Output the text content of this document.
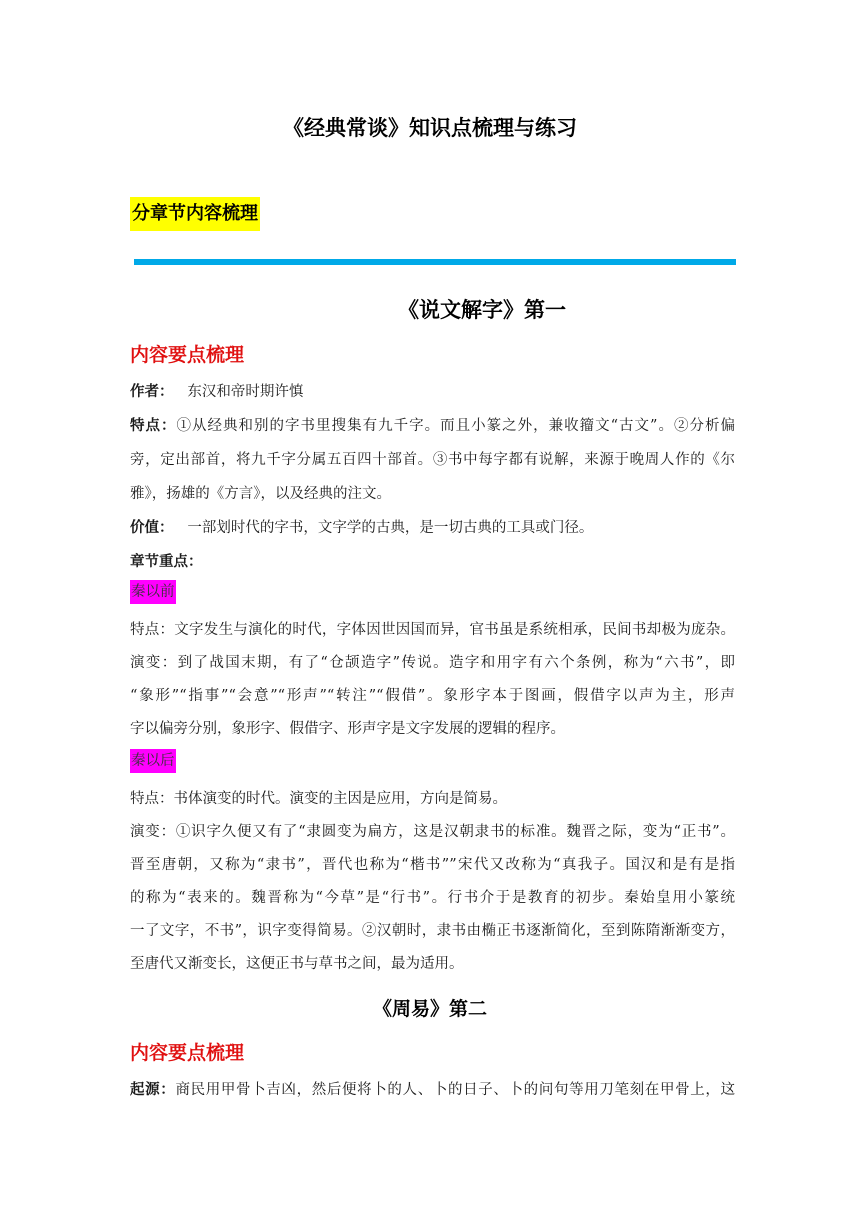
《经典常谈》知识点梳理与练习
分章节内容梳理
《说文解字》第一
内容要点梳理
作者： 东汉和帝时期许慎
特点：①从经典和别的字书里搜集有九千字。而且小篆之外，兼收籀文“古文”。②分析偏
旁，定出部首，将九千字分属五百四十部首。③书中每字都有说解，来源于晚周人作的《尔
雅》，扬雄的《方言》，以及经典的注文。
价值： 一部划时代的字书，文字学的古典，是一切古典的工具或门径。
章节重点：
秦以前
特点：文字发生与演化的时代，字体因世因国而异，官书虽是系统相承，民间书却极为庞杂。
演变：到了战国末期，有了“仓颉造字”传说。造字和用字有六个条例，称为“六书”，即
“象形”“指事”“会意”“形声”“转注”“假借”。象形字本于图画，假借字以声为主，形声
字以偏旁分别，象形字、假借字、形声字是文字发展的逻辑的程序。
秦以后
特点：书体演变的时代。演变的主因是应用，方向是简易。
演变：①识字久便又有了“隶圆变为扁方，这是汉朝隶书的标准。魏晋之际，变为“正书”。
晋至唐朝，又称为“隶书”，晋代也称为“楷书””宋代又改称为“真我子。国汉和是有是指
的称为“表来的。魏晋称为“今草”是“行书”。行书介于是教育的初步。秦始皇用小篆统
一了文字，不书”，识字变得简易。②汉朝时，隶书由椭正书逐渐简化，至到陈隋渐渐变方，
至唐代又渐变长，这便正书与草书之间，最为适用。
《周易》第二
内容要点梳理
起源：商民用甲骨卜吉凶，然后便将卜的人、卜的日子、卜的问句等用刀笔刻在甲骨上，这
